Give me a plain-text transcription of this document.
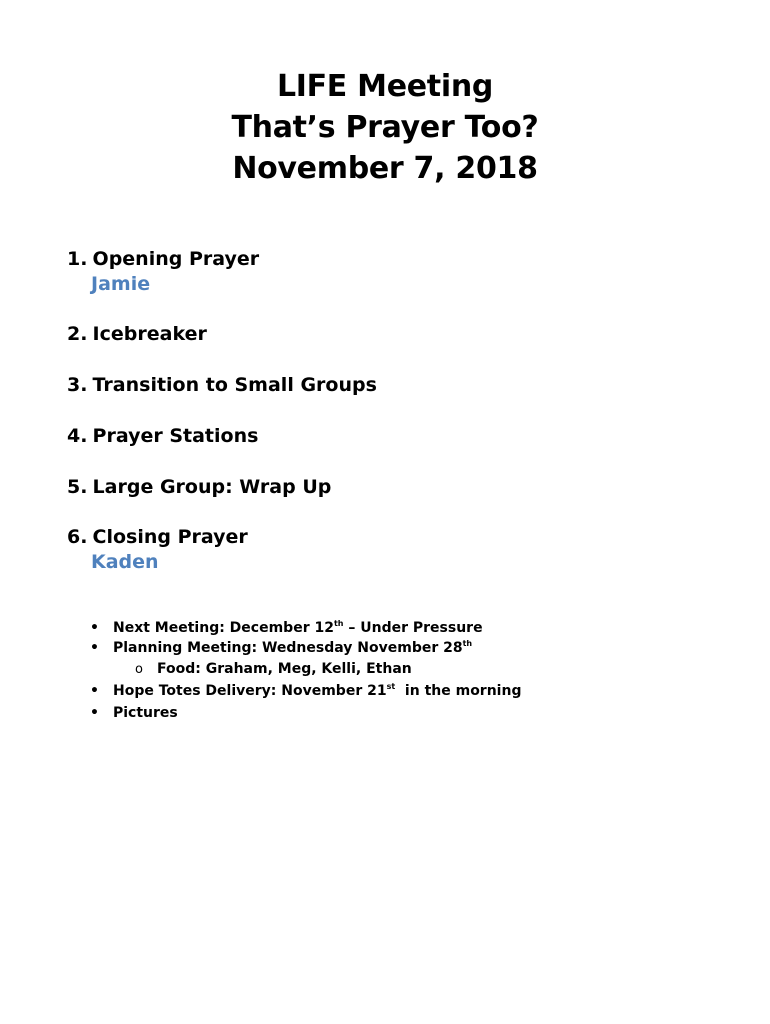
LIFE Meeting
That’s Prayer Too?
November 7, 2018
1. Opening Prayer
Jamie
2. Icebreaker
3. Transition to Small Groups
4. Prayer Stations
5. Large Group: Wrap Up
6. Closing Prayer
Kaden
• Next Meeting: December 12th – Under Pressure
• Planning Meeting: Wednesday November 28th
o Food: Graham, Meg, Kelli, Ethan
• Hope Totes Delivery: November 21st  in the morning
• Pictures
